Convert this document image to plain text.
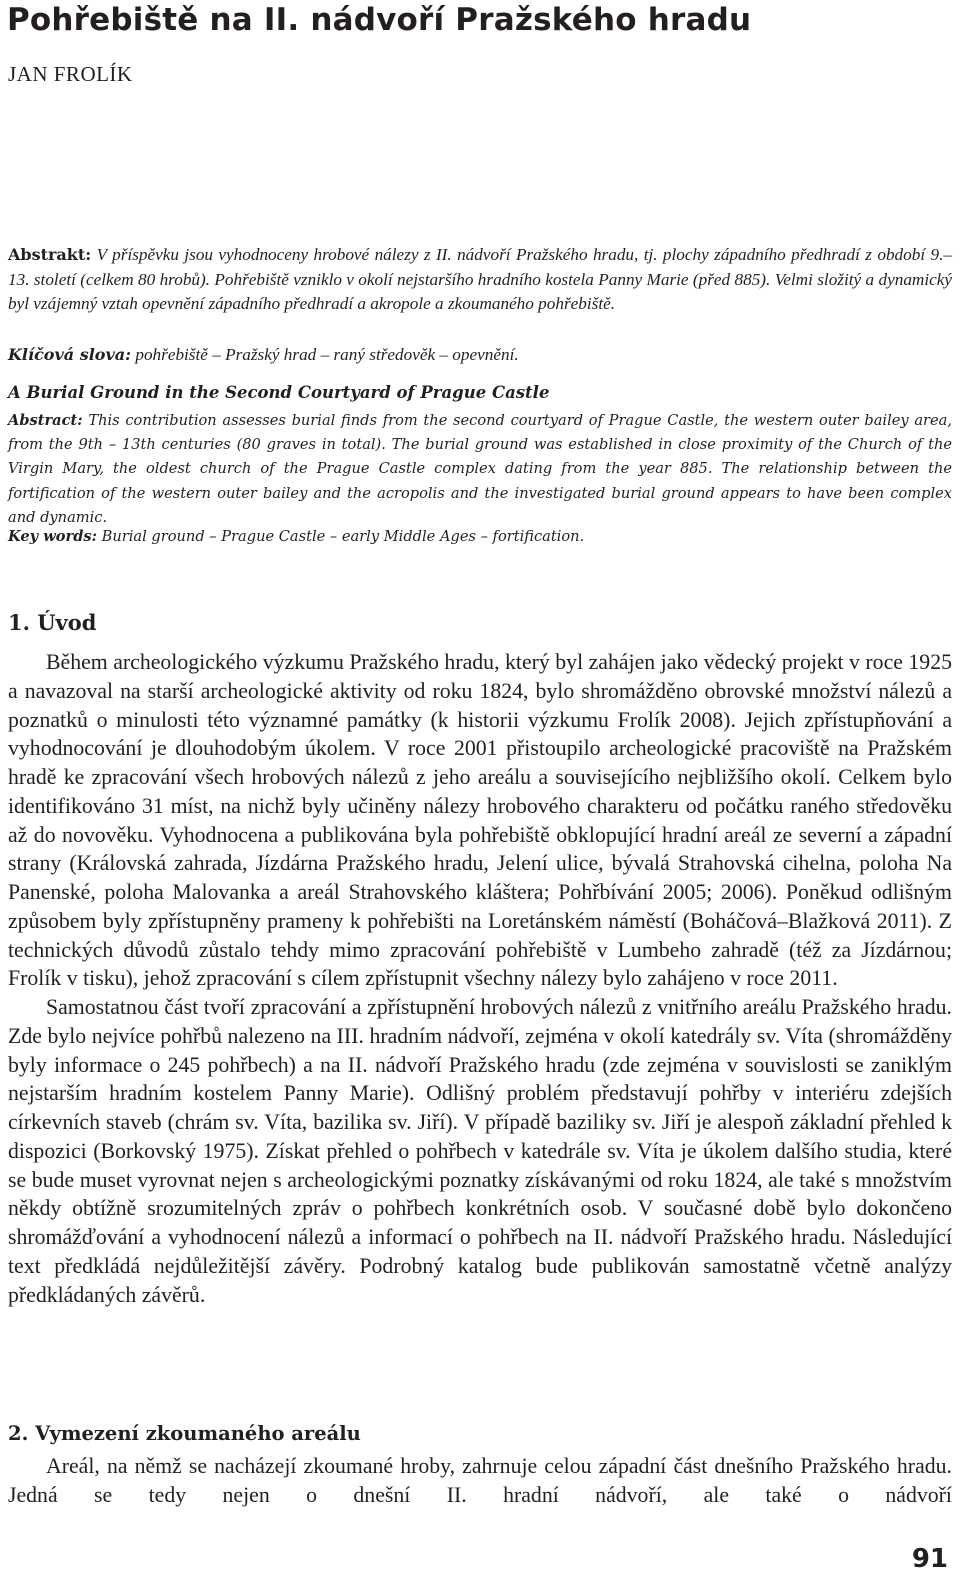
Pohřebiště na II. nádvoří Pražského hradu

JAN FROLÍK

Abstrakt: V příspěvku jsou vyhodnoceny hrobové nálezy z II. nádvoří Pražského hradu, tj. plochy západního předhradí z období 9.–13. století (celkem 80 hrobů). Pohřebiště vzniklo v okolí nejstaršího hradního kostela Panny Marie (před 885). Velmi složitý a dynamický byl vzájemný vztah opevnění západního předhradí a akropole a zkoumaného pohřebiště.

Klíčová slova: pohřebiště – Pražský hrad – raný středověk – opevnění.

A Burial Ground in the Second Courtyard of Prague Castle

Abstract: This contribution assesses burial finds from the second courtyard of Prague Castle, the western outer bailey area, from the 9th – 13th centuries (80 graves in total). The burial ground was established in close proximity of the Church of the Virgin Mary, the oldest church of the Prague Castle complex dating from the year 885. The relationship between the fortification of the western outer bailey and the acropolis and the investigated burial ground appears to have been complex and dynamic.

Key words: Burial ground – Prague Castle – early Middle Ages – fortification.

1. Úvod

Během archeologického výzkumu Pražského hradu, který byl zahájen jako vědecký projekt v roce 1925 a navazoval na starší archeologické aktivity od roku 1824, bylo shromážděno obrovské množství nálezů a poznatků o minulosti této významné památky (k historii výzkumu Frolík 2008). Jejich zpřístupňování a vyhodnocování je dlouhodobým úkolem. V roce 2001 přistoupilo archeologické pracoviště na Pražském hradě ke zpracování všech hrobových nálezů z jeho areálu a souvisejícího nejbližšího okolí. Celkem bylo identifikováno 31 míst, na nichž byly učiněny nálezy hrobového charakteru od počátku raného středověku až do novověku. Vyhodnocena a publikována byla pohřebiště obklopující hradní areál ze severní a západní strany (Královská zahrada, Jízdárna Pražského hradu, Jelení ulice, bývalá Strahovská cihelna, poloha Na Panenské, poloha Malovanka a areál Strahovského kláštera; Pohřbívání 2005; 2006). Poněkud odlišným způsobem byly zpřístupněny prameny k pohřebišti na Loretánském náměstí (Boháčová–Blažková 2011). Z technických důvodů zůstalo tehdy mimo zpracování pohřebiště v Lumbeho zahradě (též za Jízdárnou; Frolík v tisku), jehož zpracování s cílem zpřístupnit všechny nálezy bylo zahájeno v roce 2011.

Samostatnou část tvoří zpracování a zpřístupnění hrobových nálezů z vnitřního areálu Pražského hradu. Zde bylo nejvíce pohřbů nalezeno na III. hradním nádvoří, zejména v okolí katedrály sv. Víta (shromážděny byly informace o 245 pohřbech) a na II. nádvoří Pražského hradu (zde zejména v souvislosti se zaniklým nejstarším hradním kostelem Panny Marie). Odlišný problém představují pohřby v interiéru zdejších církevních staveb (chrám sv. Víta, bazilika sv. Jiří). V případě baziliky sv. Jiří je alespoň základní přehled k dispozici (Borkovský 1975). Získat přehled o pohřbech v katedrále sv. Víta je úkolem dalšího studia, které se bude muset vyrovnat nejen s archeologickými poznatky získávanými od roku 1824, ale také s množstvím někdy obtížně srozumitelných zpráv o pohřbech konkrétních osob. V současné době bylo dokončeno shromážďování a vyhodnocení nálezů a informací o pohřbech na II. nádvoří Pražského hradu. Následující text předkládá nejdůležitější závěry. Podrobný katalog bude publikován samostatně včetně analýzy předkládaných závěrů.

2. Vymezení zkoumaného areálu

Areál, na němž se nacházejí zkoumané hroby, zahrnuje celou západní část dnešního Pražského hradu. Jedná se tedy nejen o dnešní II. hradní nádvoří, ale také o nádvoří

91
